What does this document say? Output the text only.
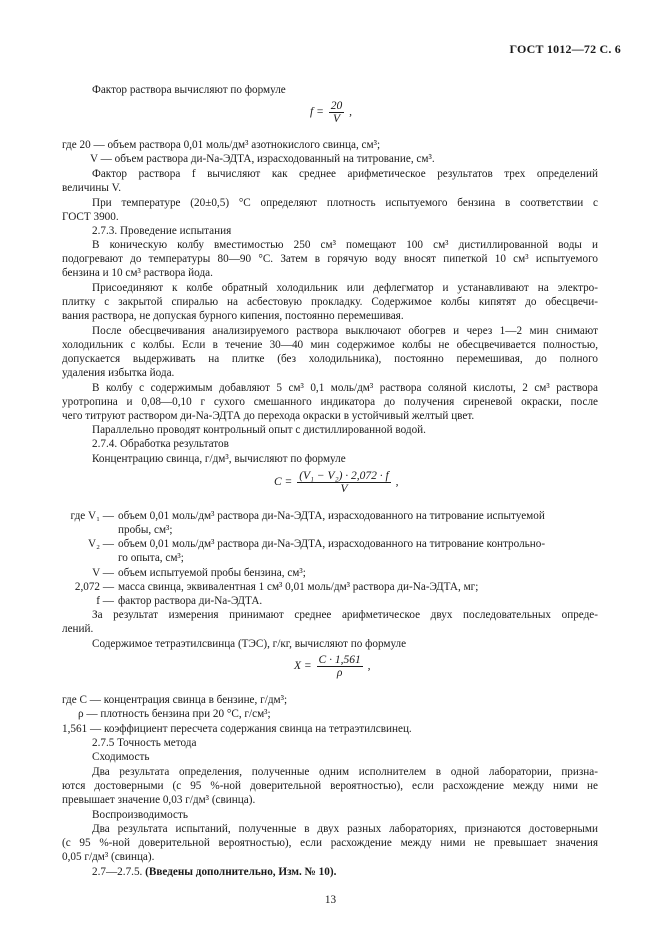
ГОСТ 1012—72 С. 6
Фактор раствора вычисляют по формуле
$f = \frac{20}{V}$ ,
где 20 — объем раствора 0,01 моль/дм³ азотнокислого свинца, см³;
V — объем раствора ди-Na-ЭДТА, израсходованный на титрование, см³.
Фактор раствора f вычисляют как среднее арифметическое результатов трех определений
величины V.
При температуре (20±0,5) °С определяют плотность испытуемого бензина в соответствии с
ГОСТ 3900.
2.7.3. Проведение испытания
В коническую колбу вместимостью 250 см³ помещают 100 см³ дистиллированной воды и
подогревают до температуры 80—90 °С. Затем в горячую воду вносят пипеткой 10 см³ испытуемого
бензина и 10 см³ раствора йода.
Присоединяют к колбе обратный холодильник или дефлегматор и устанавливают на электро-
плитку с закрытой спиралью на асбестовую прокладку. Содержимое колбы кипятят до обесцвечи-
вания раствора, не допуская бурного кипения, постоянно перемешивая.
После обесцвечивания анализируемого раствора выключают обогрев и через 1—2 мин снимают
холодильник с колбы. Если в течение 30—40 мин содержимое колбы не обесцвечивается полностью,
допускается выдерживать на плитке (без холодильника), постоянно перемешивая, до полного
удаления избытка йода.
В колбу с содержимым добавляют 5 см³ 0,1 моль/дм³ раствора соляной кислоты, 2 см³ раствора
уротропина и 0,08—0,10 г сухого смешанного индикатора до получения сиреневой окраски, после
чего титруют раствором ди-Na-ЭДТА до перехода окраски в устойчивый желтый цвет.
Параллельно проводят контрольный опыт с дистиллированной водой.
2.7.4. Обработка результатов
Концентрацию свинца, г/дм³, вычисляют по формуле
$C = \frac{\text{(V₁ − V₂) · 2,072 · f}}{V}$ ,
где V₁ — объем 0,01 моль/дм³ раствора ди-Na-ЭДТА, израсходованного на титрование испытуемой
пробы, см³;
V₂ — объем 0,01 моль/дм³ раствора ди-Na-ЭДТА, израсходованного на титрование контрольно-
го опыта, см³;
V — объем испытуемой пробы бензина, см³;
2,072 — масса свинца, эквивалентная 1 см³ 0,01 моль/дм³ раствора ди-Na-ЭДТА, мг;
f — фактор раствора ди-Na-ЭДТА.
За результат измерения принимают среднее арифметическое двух последовательных опреде-
лений.
Содержимое тетраэтилсвинца (ТЭС), г/кг, вычисляют по формуле
$X = \frac{C \cdot 1,561}{\rho}$ ,
где C — концентрация свинца в бензине, г/дм³;
ρ — плотность бензина при 20 °С, г/см³;
1,561 — коэффициент пересчета содержания свинца на тетраэтилсвинец.
2.7.5 Точность метода
Сходимость
Два результата определения, полученные одним исполнителем в одной лаборатории, призна-
ются достоверными (с 95 %-ной доверительной вероятностью), если расхождение между ними не
превышает значение 0,03 г/дм³ (свинца).
Воспроизводимость
Два результата испытаний, полученные в двух разных лабораториях, признаются достоверными
(с 95 %-ной доверительной вероятностью), если расхождение между ними не превышает значения
0,05 г/дм³ (свинца).
2.7—2.7.5. (Введены дополнительно, Изм. № 10).
13
